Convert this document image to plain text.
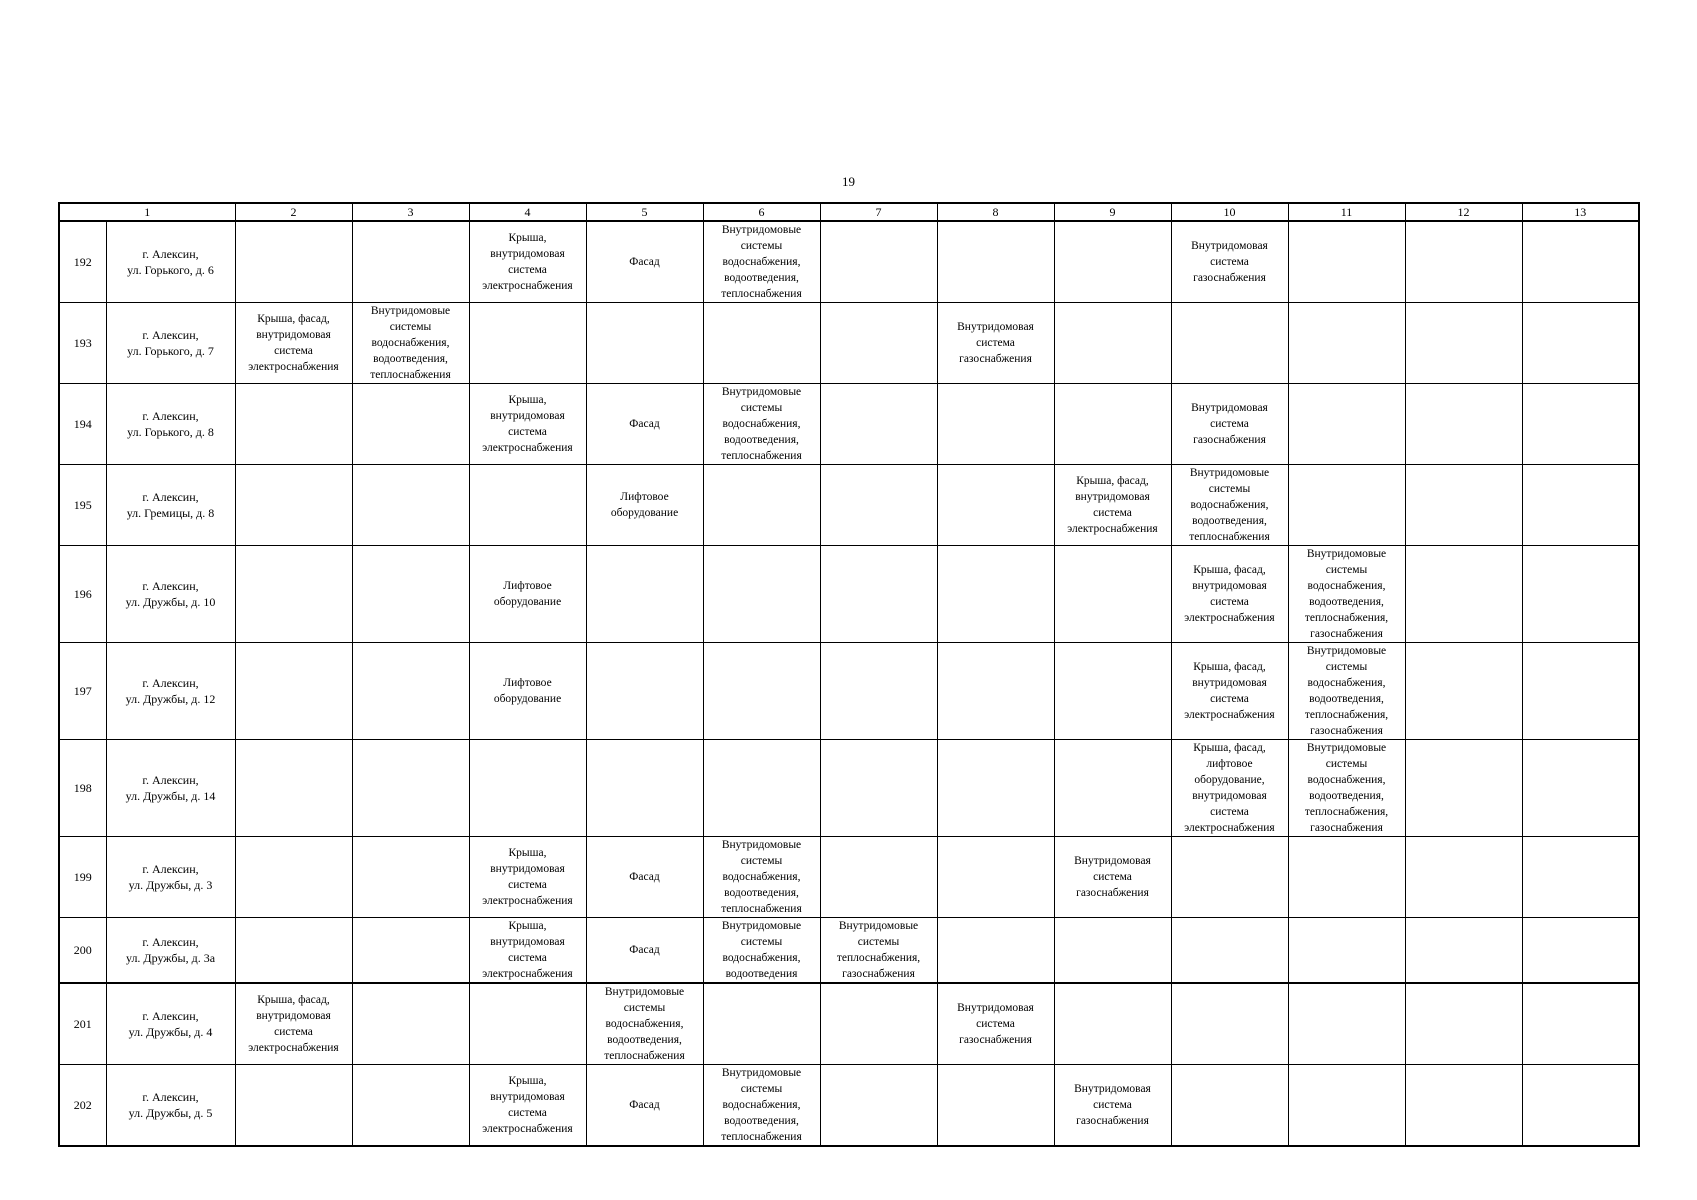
19
1		2	3	4	5	6	7	8	9	10	11	12	13
192	г. Алексин,
ул. Горького, д. 6			Крыша, внутридомовая система электроснабжения	Фасад	Внутридомовые системы водоснабжения, водоотведения, теплоснабжения				Внутридомовая система газоснабжения			
193	г. Алексин,
ул. Горького, д. 7	Крыша, фасад, внутридомовая система электроснабжения	Внутридомовые системы водоснабжения, водоотведения, теплоснабжения					Внутридомовая система газоснабжения					
194	г. Алексин,
ул. Горького, д. 8			Крыша, внутридомовая система электроснабжения	Фасад	Внутридомовые системы водоснабжения, водоотведения, теплоснабжения				Внутридомовая система газоснабжения			
195	г. Алексин,
ул. Гремицы, д. 8				Лифтовое оборудование				Крыша, фасад, внутридомовая система электроснабжения	Внутридомовые системы водоснабжения, водоотведения, теплоснабжения			
196	г. Алексин,
ул. Дружбы, д. 10			Лифтовое оборудование						Крыша, фасад, внутридомовая система электроснабжения	Внутридомовые системы водоснабжения, водоотведения, теплоснабжения, газоснабжения		
197	г. Алексин,
ул. Дружбы, д. 12			Лифтовое оборудование						Крыша, фасад, внутридомовая система электроснабжения	Внутридомовые системы водоснабжения, водоотведения, теплоснабжения, газоснабжения		
198	г. Алексин,
ул. Дружбы, д. 14									Крыша, фасад, лифтовое оборудование, внутридомовая система электроснабжения	Внутридомовые системы водоснабжения, водоотведения, теплоснабжения, газоснабжения		
199	г. Алексин,
ул. Дружбы, д. 3			Крыша, внутридомовая система электроснабжения	Фасад	Внутридомовые системы водоснабжения, водоотведения, теплоснабжения			Внутридомовая система газоснабжения				
200	г. Алексин,
ул. Дружбы, д. 3а			Крыша, внутридомовая система электроснабжения	Фасад	Внутридомовые системы водоснабжения, водоотведения	Внутридомовые системы теплоснабжения, газоснабжения						
201	г. Алексин,
ул. Дружбы, д. 4	Крыша, фасад, внутридомовая система электроснабжения			Внутридомовые системы водоснабжения, водоотведения, теплоснабжения			Внутридомовая система газоснабжения					
202	г. Алексин,
ул. Дружбы, д. 5			Крыша, внутридомовая система электроснабжения	Фасад	Внутридомовые системы водоснабжения, водоотведения, теплоснабжения			Внутридомовая система газоснабжения				
